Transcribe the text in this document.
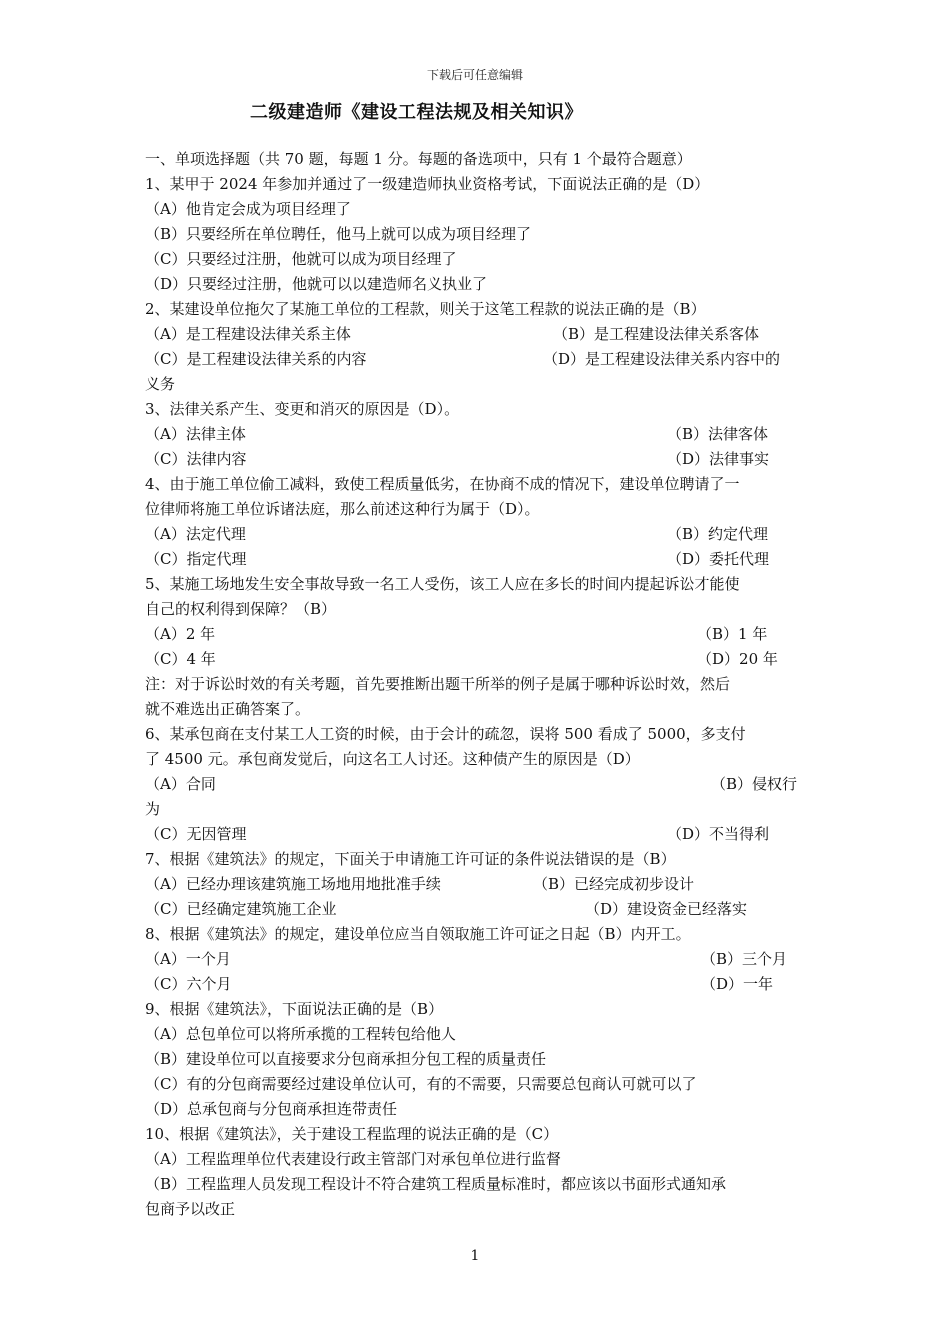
下载后可任意编辑
二级建造师《建设工程法规及相关知识》
一、单项选择题（共 70 题，每题 1 分。每题的备选项中，只有 1 个最符合题意）
1、某甲于 2024 年参加并通过了一级建造师执业资格考试，下面说法正确的是（D）
（A）他肯定会成为项目经理了
（B）只要经所在单位聘任，他马上就可以成为项目经理了
（C）只要经过注册，他就可以成为项目经理了
（D）只要经过注册，他就可以以建造师名义执业了
2、某建设单位拖欠了某施工单位的工程款，则关于这笔工程款的说法正确的是（B）
（A）是工程建设法律关系主体	（B）是工程建设法律关系客体
（C）是工程建设法律关系的内容	（D）是工程建设法律关系内容中的
义务
3、法律关系产生、变更和消灭的原因是（D）。
（A）法律主体	（B）法律客体
（C）法律内容	（D）法律事实
4、由于施工单位偷工减料，致使工程质量低劣，在协商不成的情况下，建设单位聘请了一
位律师将施工单位诉诸法庭，那么前述这种行为属于（D）。
（A）法定代理	（B）约定代理
（C）指定代理	（D）委托代理
5、某施工场地发生安全事故导致一名工人受伤，该工人应在多长的时间内提起诉讼才能使
自己的权利得到保障？（B）
（A）2 年	（B）1 年
（C）4 年	（D）20 年
注：对于诉讼时效的有关考题，首先要推断出题干所举的例子是属于哪种诉讼时效，然后
就不难选出正确答案了。
6、某承包商在支付某工人工资的时候，由于会计的疏忽，误将 500 看成了 5000，多支付
了 4500 元。承包商发觉后，向这名工人讨还。这种债产生的原因是（D）
（A）合同	（B）侵权行
为
（C）无因管理	（D）不当得利
7、根据《建筑法》的规定，下面关于申请施工许可证的条件说法错误的是（B）
（A）已经办理该建筑施工场地用地批准手续	（B）已经完成初步设计
（C）已经确定建筑施工企业	（D）建设资金已经落实
8、根据《建筑法》的规定，建设单位应当自领取施工许可证之日起（B）内开工。
（A）一个月	（B）三个月
（C）六个月	（D）一年
9、根据《建筑法》，下面说法正确的是（B）
（A）总包单位可以将所承揽的工程转包给他人
（B）建设单位可以直接要求分包商承担分包工程的质量责任
（C）有的分包商需要经过建设单位认可，有的不需要，只需要总包商认可就可以了
（D）总承包商与分包商承担连带责任
10、根据《建筑法》，关于建设工程监理的说法正确的是（C）
（A）工程监理单位代表建设行政主管部门对承包单位进行监督
（B）工程监理人员发现工程设计不符合建筑工程质量标准时，都应该以书面形式通知承
包商予以改正
1
